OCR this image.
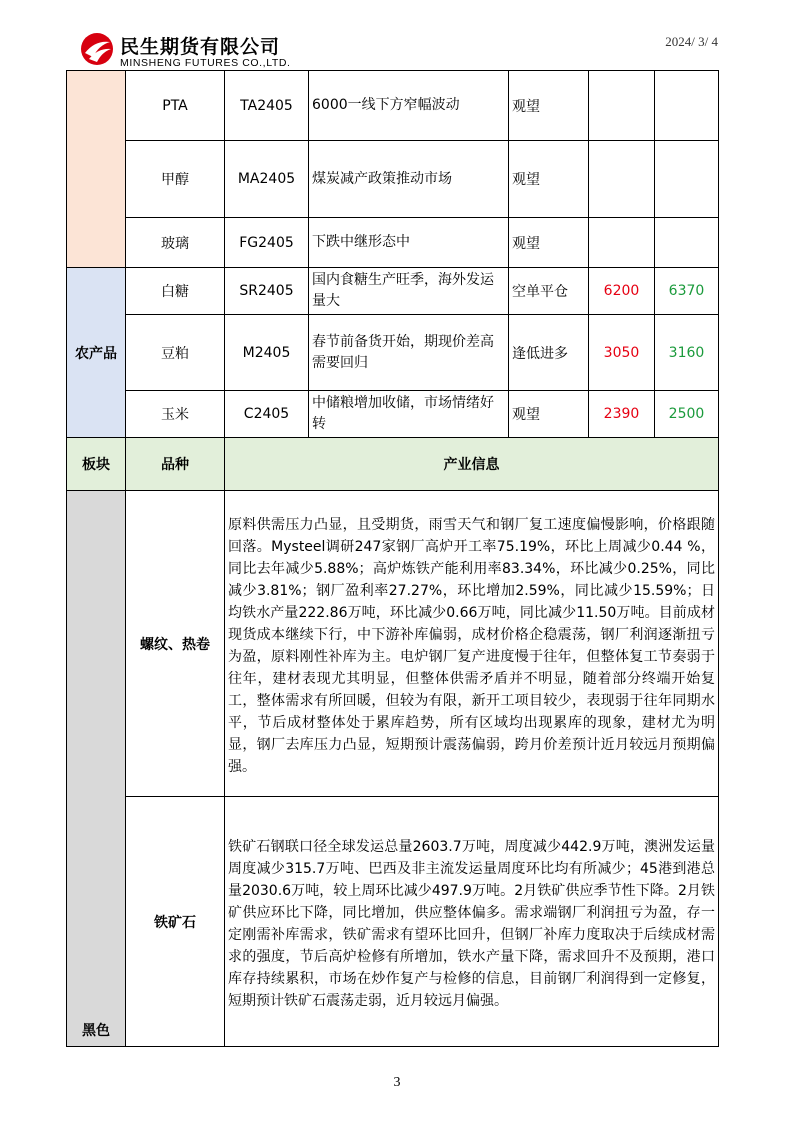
民生期货有限公司
MINSHENG FUTURES CO.,LTD.
2024/ 3/ 4
	PTA	TA2405	6000一线下方窄幅波动	观望		
	甲醇	MA2405	煤炭减产政策推动市场	观望		
	玻璃	FG2405	下跌中继形态中	观望		
农产品	白糖	SR2405	国内食糖生产旺季，海外发运量大	空单平仓	6200	6370
	豆粕	M2405	春节前备货开始，期现价差高需要回归	逢低进多	3050	3160
	玉米	C2405	中储粮增加收储，市场情绪好转	观望	2390	2500
板块	品种	产业信息				
黑色	螺纹、热卷	原料供需压力凸显，且受期货，雨雪天气和钢厂复工速度偏慢影响，价格跟随回落。Mysteel调研247家钢厂高炉开工率75.19%，环比上周减少0.44 %，同比去年减少5.88%；高炉炼铁产能利用率83.34%，环比减少0.25%，同比减少3.81%；钢厂盈利率27.27%，环比增加2.59%，同比减少15.59%；日均铁水产量222.86万吨，环比减少0.66万吨，同比减少11.50万吨。目前成材现货成本继续下行，中下游补库偏弱，成材价格企稳震荡，钢厂利润逐渐扭亏为盈，原料刚性补库为主。电炉钢厂复产进度慢于往年，但整体复工节奏弱于往年，建材表现尤其明显，但整体供需矛盾并不明显，随着部分终端开始复工，整体需求有所回暖，但较为有限，新开工项目较少，表现弱于往年同期水平，节后成材整体处于累库趋势，所有区域均出现累库的现象，建材尤为明显，钢厂去库压力凸显，短期预计震荡偏弱，跨月价差预计近月较远月预期偏强。				
	铁矿石	铁矿石钢联口径全球发运总量2603.7万吨，周度减少442.9万吨，澳洲发运量周度减少315.7万吨、巴西及非主流发运量周度环比均有所减少；45港到港总量2030.6万吨，较上周环比减少497.9万吨。2月铁矿供应季节性下降。2月铁矿供应环比下降，同比增加，供应整体偏多。需求端钢厂利润扭亏为盈，存一定刚需补库需求，铁矿需求有望环比回升，但钢厂补库力度取决于后续成材需求的强度，节后高炉检修有所增加，铁水产量下降，需求回升不及预期，港口库存持续累积，市场在炒作复产与检修的信息，目前钢厂利润得到一定修复，短期预计铁矿石震荡走弱，近月较远月偏强。				
3
